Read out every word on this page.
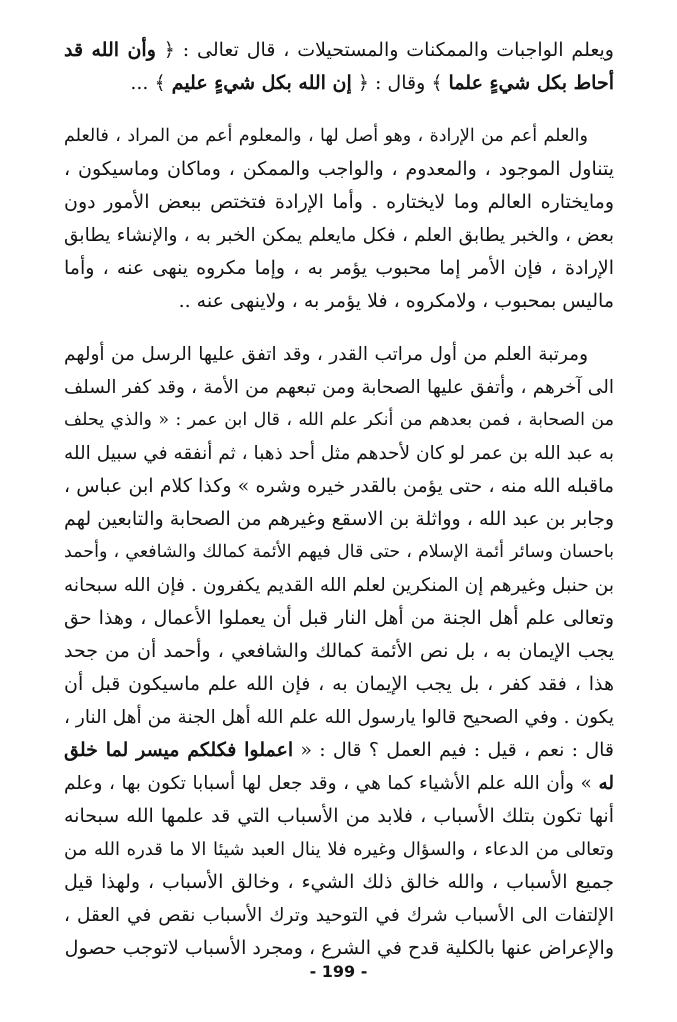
ويعلم الواجبات والممكنات والمستحيلات ، قال تعالى : ﴿ وأن الله قد
أحاط بكل شيءٍ علما ﴾ وقال : ﴿ إن الله بكل شيءٍ عليم ﴾ ...
والعلم أعم من الإرادة ، وهو أصل لها ، والمعلوم أعم من المراد ، فالعلم
يتناول الموجود ، والمعدوم ، والواجب والممكن ، وماكان وماسيكون ،
ومايختاره العالم وما لايختاره . وأما الإرادة فتختص ببعض الأمور دون
بعض ، والخبر يطابق العلم ، فكل مايعلم يمكن الخبر به ، والإنشاء يطابق
الإرادة ، فإن الأمر إما محبوب يؤمر به ، وإما مكروه ينهى عنه ، وأما
ماليس بمحبوب ، ولامكروه ، فلا يؤمر به ، ولاينهى عنه ..
ومرتبة العلم من أول مراتب القدر ، وقد اتفق عليها الرسل من أولهم
الى آخرهم ، وأتفق عليها الصحابة ومن تبعهم من الأمة ، وقد كفر السلف
من الصحابة ، فمن بعدهم من أنكر علم الله ، قال ابن عمر : « والذي يحلف
به عبد الله بن عمر لو كان لأحدهم مثل أحد ذهبا ، ثم أنفقه في سبيل الله
ماقبله الله منه ، حتى يؤمن بالقدر خيره وشره » وكذا كلام ابن عباس ،
وجابر بن عبد الله ، وواثلة بن الاسقع وغيرهم من الصحابة والتابعين لهم
باحسان وسائر أئمة الإسلام ، حتى قال فيهم الأئمة كمالك والشافعي ، وأحمد
بن حنبل وغيرهم إن المنكرين لعلم الله القديم يكفرون . فإن الله سبحانه
وتعالى علم أهل الجنة من أهل النار قبل أن يعملوا الأعمال ، وهذا حق
يجب الإيمان به ، بل نص الأئمة كمالك والشافعي ، وأحمد أن من جحد
هذا ، فقد كفر ، بل يجب الإيمان به ، فإن الله علم ماسيكون قبل أن
يكون . وفي الصحيح قالوا يارسول الله علم الله أهل الجنة من أهل النار ،
قال : نعم ، قيل : فيم العمل ؟ قال : « اعملوا فكلكم ميسر لما خلق
له » وأن الله علم الأشياء كما هي ، وقد جعل لها أسبابا تكون بها ، وعلم
أنها تكون بتلك الأسباب ، فلابد من الأسباب التي قد علمها الله سبحانه
وتعالى من الدعاء ، والسؤال وغيره فلا ينال العبد شيئا الا ما قدره الله من
جميع الأسباب ، والله خالق ذلك الشيء ، وخالق الأسباب ، ولهذا قيل
الإلتفات الى الأسباب شرك في التوحيد وترك الأسباب نقص في العقل ،
والإعراض عنها بالكلية قدح في الشرع ، ومجرد الأسباب لاتوجب حصول
- 199 -
